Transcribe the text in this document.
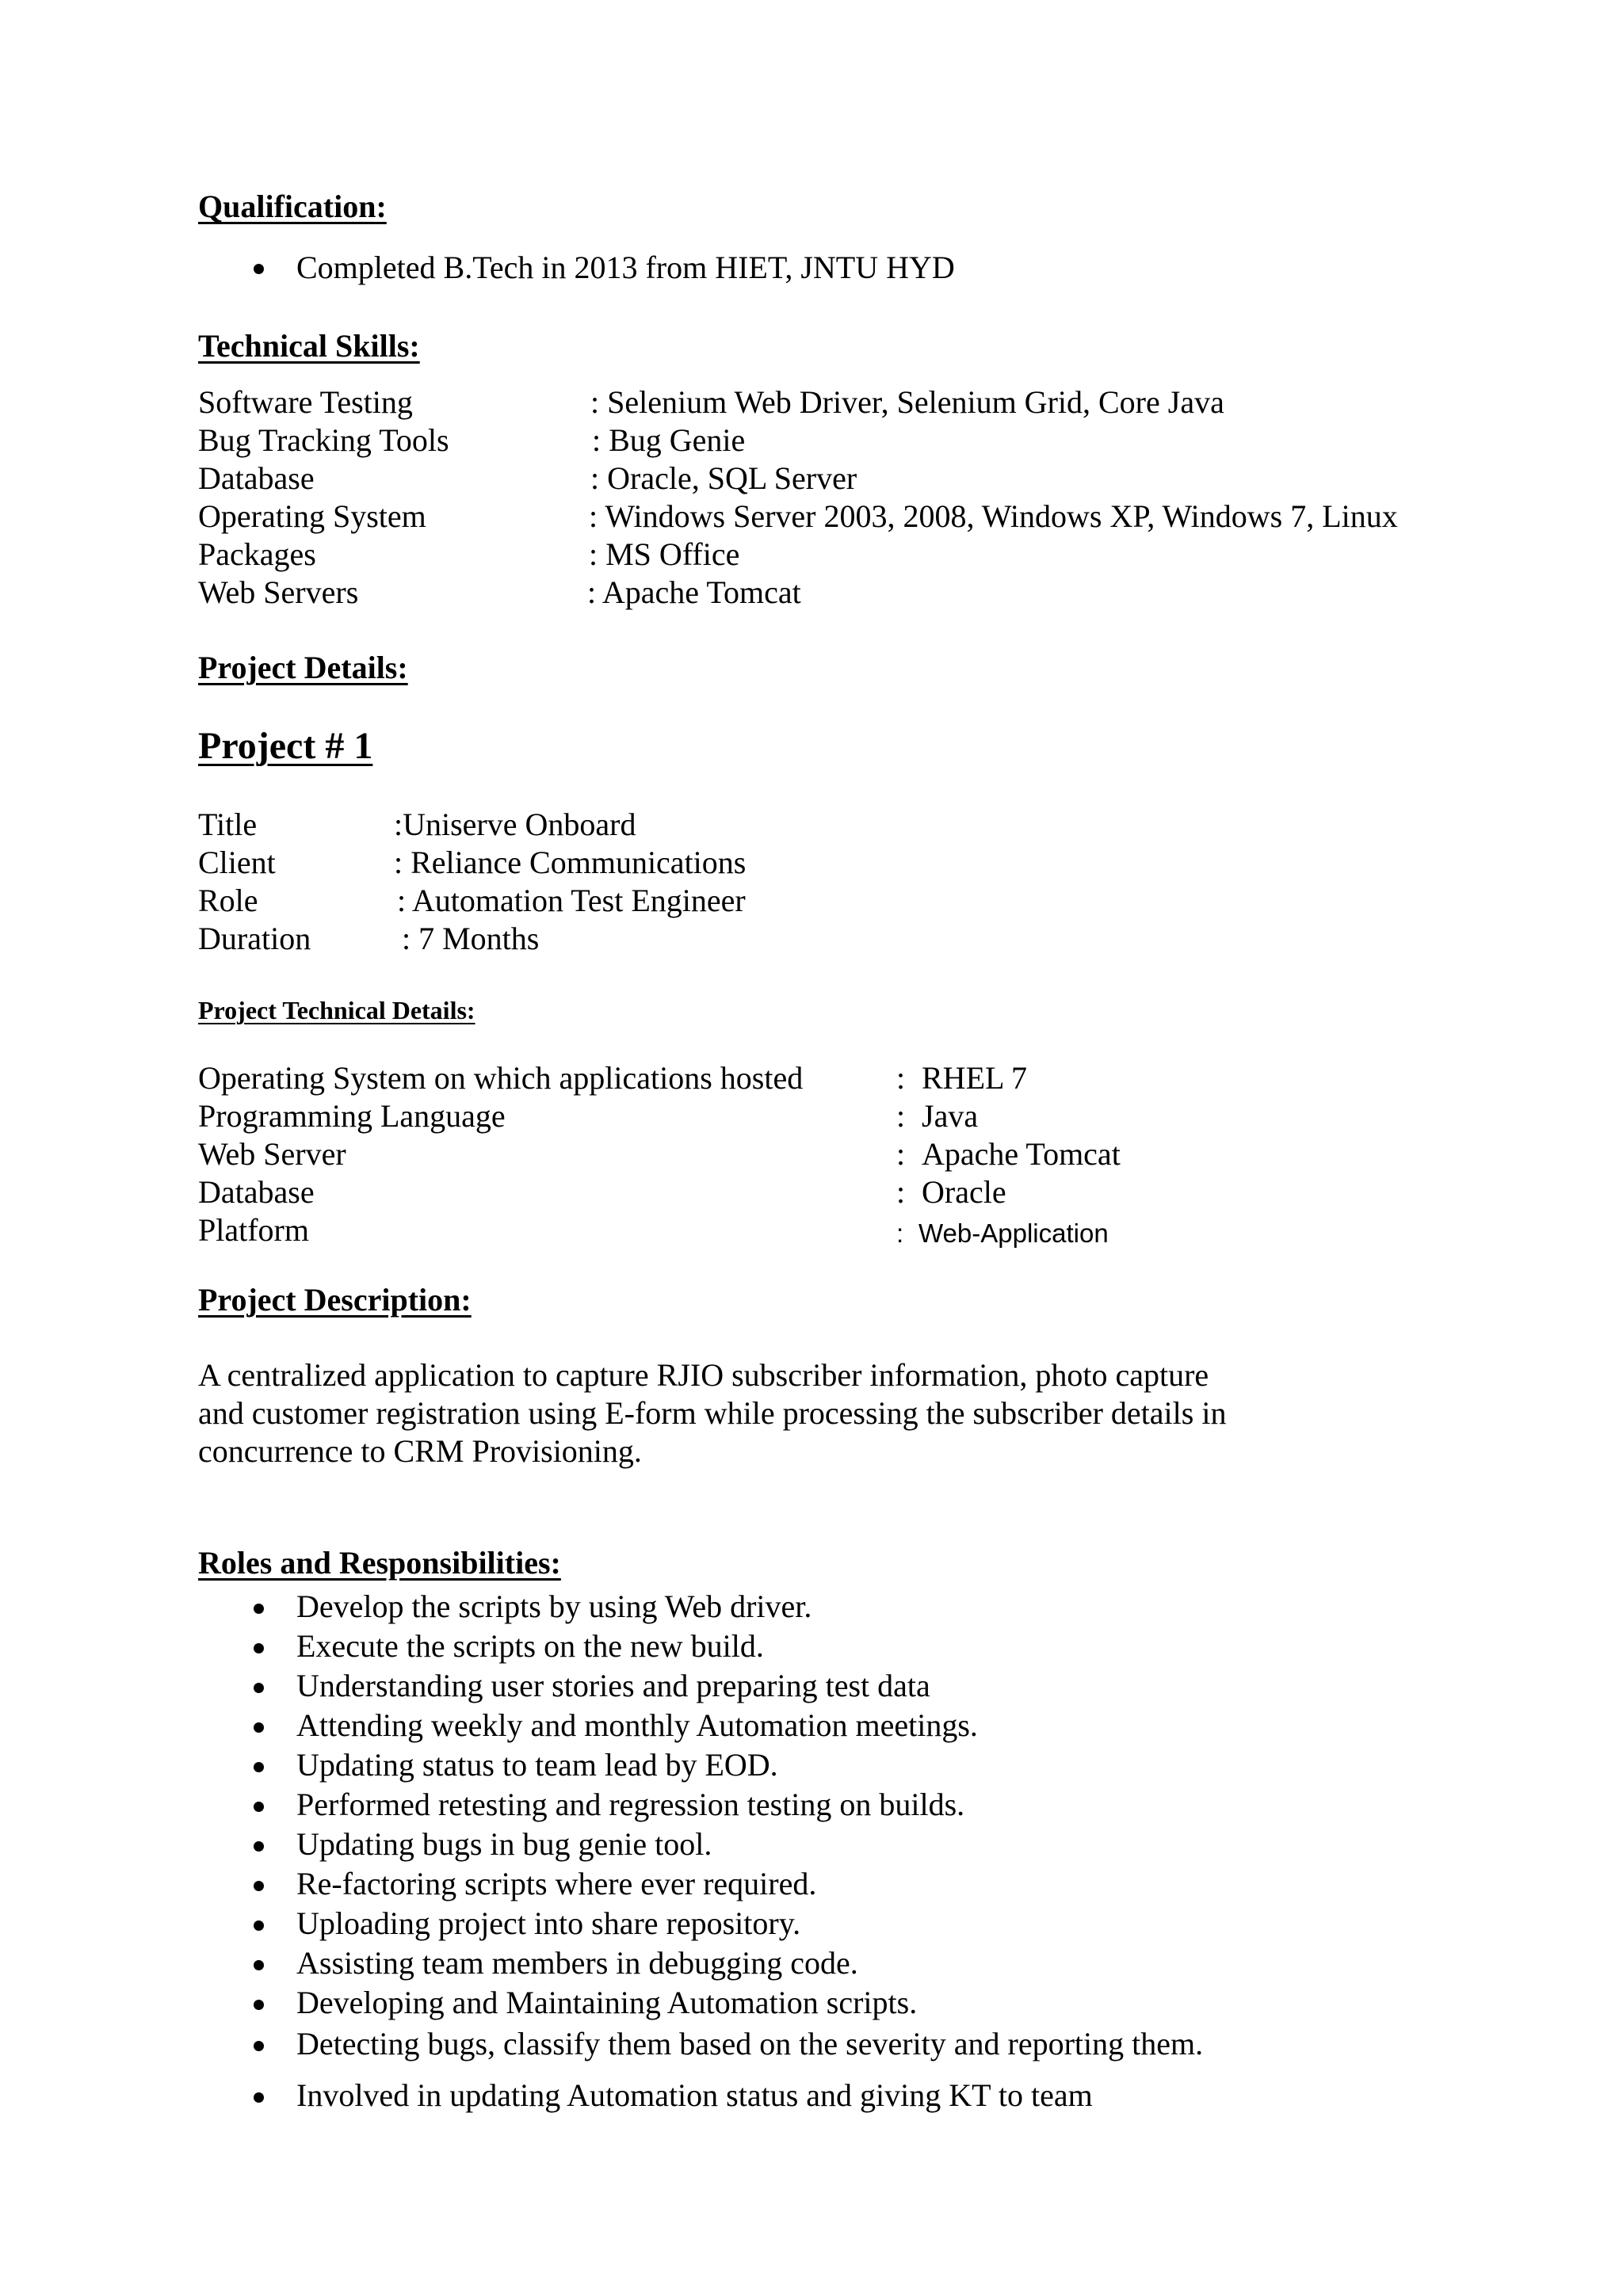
Qualification:
Completed B.Tech in 2013 from HIET, JNTU HYD
Technical Skills:
Software Testing	: Selenium Web Driver, Selenium Grid, Core Java
Bug Tracking Tools	: Bug Genie
Database	: Oracle, SQL Server
Operating System	: Windows Server 2003, 2008, Windows XP, Windows 7, Linux
Packages	: MS Office
Web Servers	: Apache Tomcat
Project Details:
Project # 1
Title	:Uniserve Onboard
Client	: Reliance Communications
Role	: Automation Test Engineer
Duration	: 7 Months
Project Technical Details:
Operating System on which applications hosted	: RHEL 7
Programming Language	: Java
Web Server	: Apache Tomcat
Database	: Oracle
Platform	: Web-Application
Project Description:
A centralized application to capture RJIO subscriber information, photo capture
and customer registration using E-form while processing the subscriber details in
concurrence to CRM Provisioning.
Roles and Responsibilities:
Develop the scripts by using Web driver.
Execute the scripts on the new build.
Understanding user stories and preparing test data
Attending weekly and monthly Automation meetings.
Updating status to team lead by EOD.
Performed retesting and regression testing on builds.
Updating bugs in bug genie tool.
Re-factoring scripts where ever required.
Uploading project into share repository.
Assisting team members in debugging code.
Developing and Maintaining Automation scripts.
Detecting bugs, classify them based on the severity and reporting them.
Involved in updating Automation status and giving KT to team
